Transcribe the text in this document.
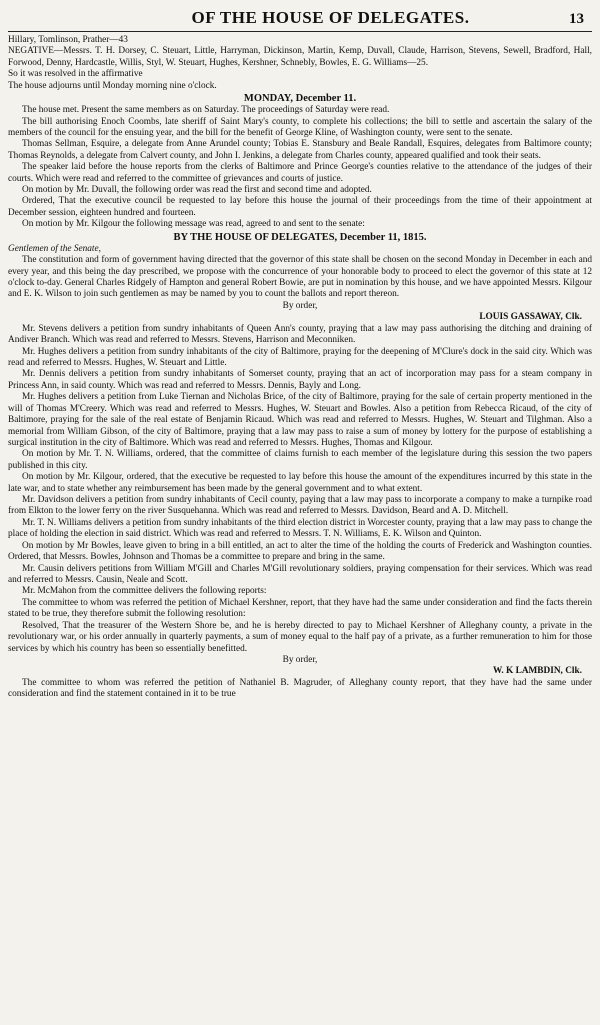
OF THE HOUSE OF DELEGATES.	13

Hillary, Tomlinson, Prather—43

NEGATIVE—Messrs. T. H. Dorsey, C. Steuart, Little, Harryman, Dickinson, Martin, Kemp, Duvall, Claude, Harrison, Stevens, Sewell, Bradford, Hall, Forwood, Denny, Hardcastle, Willis, Styl, W. Steuart, Hughes, Kershner, Schnebly, Bowles, E. G. Williams—25.

So it was resolved in the affirmative

The house adjourns until Monday morning nine o'clock.

MONDAY, December 11.

The house met. Present the same members as on Saturday. The proceedings of Saturday were read.

The bill authorising Enoch Coombs, late sheriff of Saint Mary's county, to complete his collections; the bill to settle and ascertain the salary of the members of the council for the ensuing year, and the bill for the benefit of George Kline, of Washington county, were sent to the senate.

Thomas Sellman, Esquire, a delegate from Anne Arundel county; Tobias E. Stansbury and Beale Randall, Esquires, delegates from Baltimore county; Thomas Reynolds, a delegate from Calvert county, and John I. Jenkins, a delegate from Charles county, appeared qualified and took their seats.

The speaker laid before the house reports from the clerks of Baltimore and Prince George's counties relative to the attendance of the judges of their courts. Which were read and referred to the committee of grievances and courts of justice.

On motion by Mr. Duvall, the following order was read the first and second time and adopted.

Ordered, That the executive council be requested to lay before this house the journal of their proceedings from the time of their appointment at December session, eighteen hundred and fourteen.

On motion by Mr. Kilgour the following message was read, agreed to and sent to the senate:

BY THE HOUSE OF DELEGATES, December 11, 1815.

Gentlemen of the Senate,

The constitution and form of government having directed that the governor of this state shall be chosen on the second Monday in December in each and every year, and this being the day prescribed, we propose with the concurrence of your honorable body to proceed to elect the governor of this state at 12 o'clock to-day. General Charles Ridgely of Hampton and general Robert Bowie, are put in nomination by this house, and we have appointed Messrs. Kilgour and E. K. Wilson to join such gentlemen as may be named by you to count the ballots and report thereon.

By order,

LOUIS GASSAWAY, Clk.

Mr. Stevens delivers a petition from sundry inhabitants of Queen Ann's county, praying that a law may pass authorising the ditching and draining of Andiver Branch. Which was read and referred to Messrs. Stevens, Harrison and Meconniken.

Mr. Hughes delivers a petition from sundry inhabitants of the city of Baltimore, praying for the deepening of M'Clure's dock in the said city. Which was read and referred to Messrs. Hughes, W. Steuart and Little.

Mr. Dennis delivers a petition from sundry inhabitants of Somerset county, praying that an act of incorporation may pass for a steam company in Princess Ann, in said county. Which was read and referred to Messrs. Dennis, Bayly and Long.

Mr. Hughes delivers a petition from Luke Tiernan and Nicholas Brice, of the city of Baltimore, praying for the sale of certain property mentioned in the will of Thomas M'Creery. Which was read and referred to Messrs. Hughes, W. Steuart and Bowles. Also a petition from Rebecca Ricaud, of the city of Baltimore, praying for the sale of the real estate of Benjamin Ricaud. Which was read and referred to Messrs. Hughes, W. Steuart and Tilghman. Also a memorial from William Gibson, of the city of Baltimore, praying that a law may pass to raise a sum of money by lottery for the purpose of establishing a surgical institution in the city of Baltimore. Which was read and referred to Messrs. Hughes, Thomas and Kilgour.

On motion by Mr. T. N. Williams, ordered, that the committee of claims furnish to each member of the legislature during this session the two papers published in this city.

On motion by Mr. Kilgour, ordered, that the executive be requested to lay before this house the amount of the expenditures incurred by this state in the late war, and to state whether any reimbursement has been made by the general government and to what extent.

Mr. Davidson delivers a petition from sundry inhabitants of Cecil county, paying that a law may pass to incorporate a company to make a turnpike road from Elkton to the lower ferry on the river Susquehanna. Which was read and referred to Messrs. Davidson, Beard and A. D. Mitchell.

Mr. T. N. Williams delivers a petition from sundry inhabitants of the third election district in Worcester county, praying that a law may pass to change the place of holding the election in said district. Which was read and referred to Messrs. T. N. Williams, E. K. Wilson and Quinton.

On motion by Mr Bowles, leave given to bring in a bill entitled, an act to alter the time of the holding the courts of Frederick and Washington counties. Ordered, that Messrs. Bowles, Johnson and Thomas be a committee to prepare and bring in the same.

Mr. Causin delivers petitions from William M'Gill and Charles M'Gill revolutionary soldiers, praying compensation for their services. Which was read and referred to Messrs. Causin, Neale and Scott.

Mr. McMahon from the committee delivers the following reports:

The committee to whom was referred the petition of Michael Kershner, report, that they have had the same under consideration and find the facts therein stated to be true, they therefore submit the following resolution:

Resolved, That the treasurer of the Western Shore be, and he is hereby directed to pay to Michael Kershner of Alleghany county, a private in the revolutionary war, or his order annually in quarterly payments, a sum of money equal to the half pay of a private, as a further remuneration to him for those services by which his country has been so essentially benefitted.

By order,

W. K LAMBDIN, Clk.

The committee to whom was referred the petition of Nathaniel B. Magruder, of Alleghany county report, that they have had the same under consideration and find the statement contained in it to be true
